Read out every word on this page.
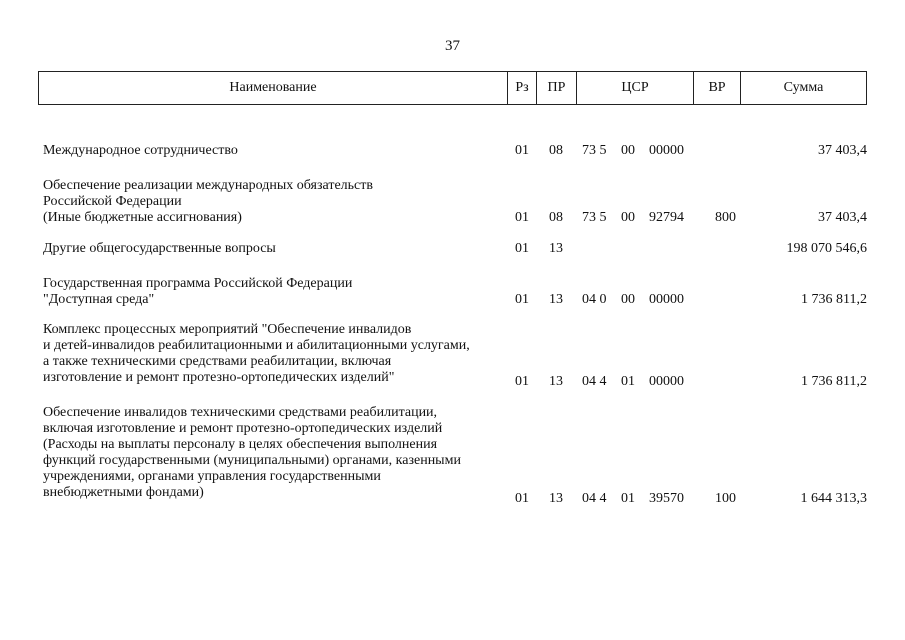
37
Наименование	Рз	ПР	ЦСР	ВР	Сумма
Международное сотрудничество	01 08 73 5 00 00000	37 403,4
Обеспечение реализации международных обязательств
Российской Федерации
(Иные бюджетные ассигнования)	01 08 73 5 00 92794 800	37 403,4
Другие общегосударственные вопросы	01 13	198 070 546,6
Государственная программа Российской Федерации
"Доступная среда"	01 13 04 0 00 00000	1 736 811,2
Комплекс процессных мероприятий "Обеспечение инвалидов
и детей-инвалидов реабилитационными и абилитационными услугами,
а также техническими средствами реабилитации, включая
изготовление и ремонт протезно-ортопедических изделий"	01 13 04 4 01 00000	1 736 811,2
Обеспечение инвалидов техническими средствами реабилитации,
включая изготовление и ремонт протезно-ортопедических изделий
(Расходы на выплаты персоналу в целях обеспечения выполнения
функций государственными (муниципальными) органами, казенными
учреждениями, органами управления государственными
внебюджетными фондами)	01 13 04 4 01 39570 100	1 644 313,3
